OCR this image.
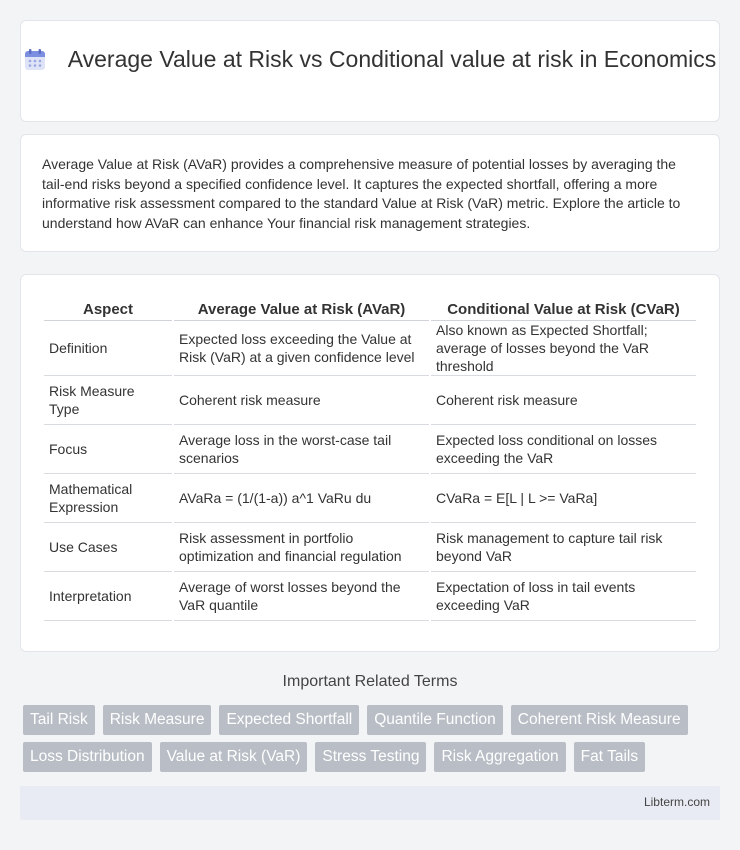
Average Value at Risk vs Conditional value at risk in Economics

Average Value at Risk (AVaR) provides a comprehensive measure of potential losses by averaging the tail-end risks beyond a specified confidence level. It captures the expected shortfall, offering a more informative risk assessment compared to the standard Value at Risk (VaR) metric. Explore the article to understand how AVaR can enhance Your financial risk management strategies.

Aspect	Average Value at Risk (AVaR)	Conditional Value at Risk (CVaR)
Definition	Expected loss exceeding the Value at Risk (VaR) at a given confidence level	Also known as Expected Shortfall; average of losses beyond the VaR threshold
Risk Measure Type	Coherent risk measure	Coherent risk measure
Focus	Average loss in the worst-case tail scenarios	Expected loss conditional on losses exceeding the VaR
Mathematical Expression	AVaRa = (1/(1-a)) a^1 VaRu du	CVaRa = E[L | L >= VaRa]
Use Cases	Risk assessment in portfolio optimization and financial regulation	Risk management to capture tail risk beyond VaR
Interpretation	Average of worst losses beyond the VaR quantile	Expectation of loss in tail events exceeding VaR
Important Related Terms
Tail Risk	Risk Measure	Expected Shortfall	Quantile Function	Coherent Risk Measure
Loss Distribution	Value at Risk (VaR)	Stress Testing	Risk Aggregation	Fat Tails
Libterm.com
